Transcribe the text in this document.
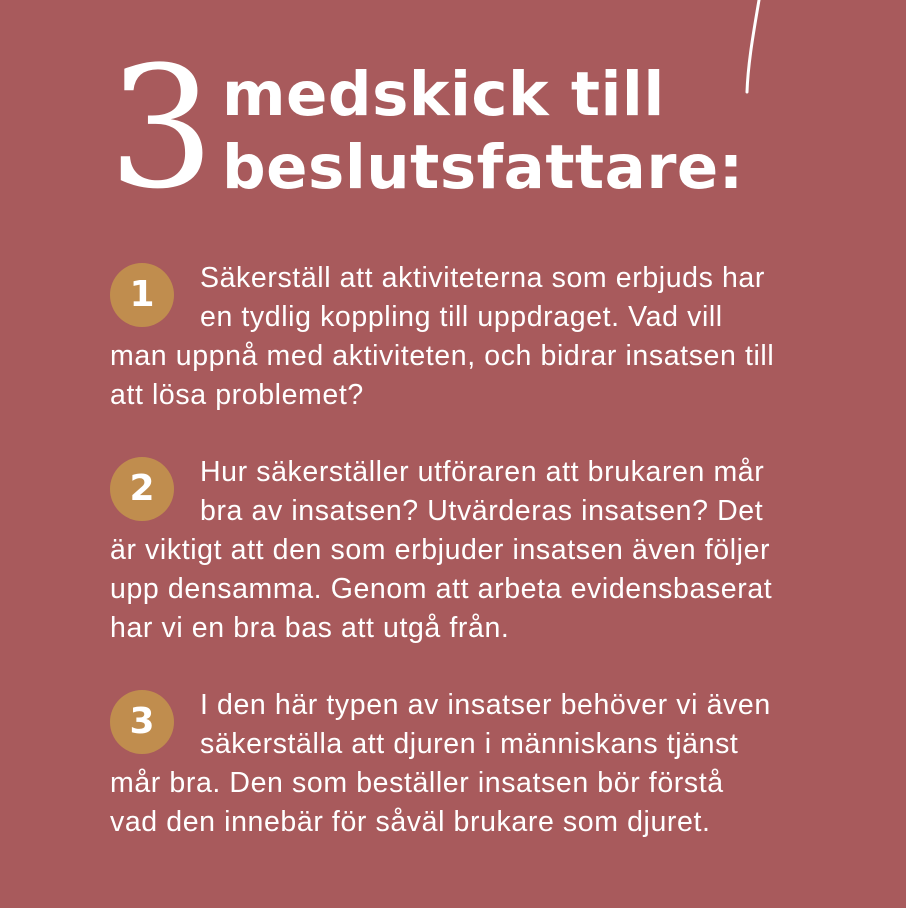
3 medskick till
beslutsfattare:
1	Säkerställ att aktiviteterna som erbjuds har
en tydlig koppling till uppdraget. Vad vill
man uppnå med aktiviteten, och bidrar insatsen till
att lösa problemet?

2	Hur säkerställer utföraren att brukaren mår
bra av insatsen? Utvärderas insatsen? Det
är viktigt att den som erbjuder insatsen även följer
upp densamma. Genom att arbeta evidensbaserat
har vi en bra bas att utgå från.

3	I den här typen av insatser behöver vi även
säkerställa att djuren i människans tjänst
mår bra. Den som beställer insatsen bör förstå
vad den innebär för såväl brukare som djuret.
